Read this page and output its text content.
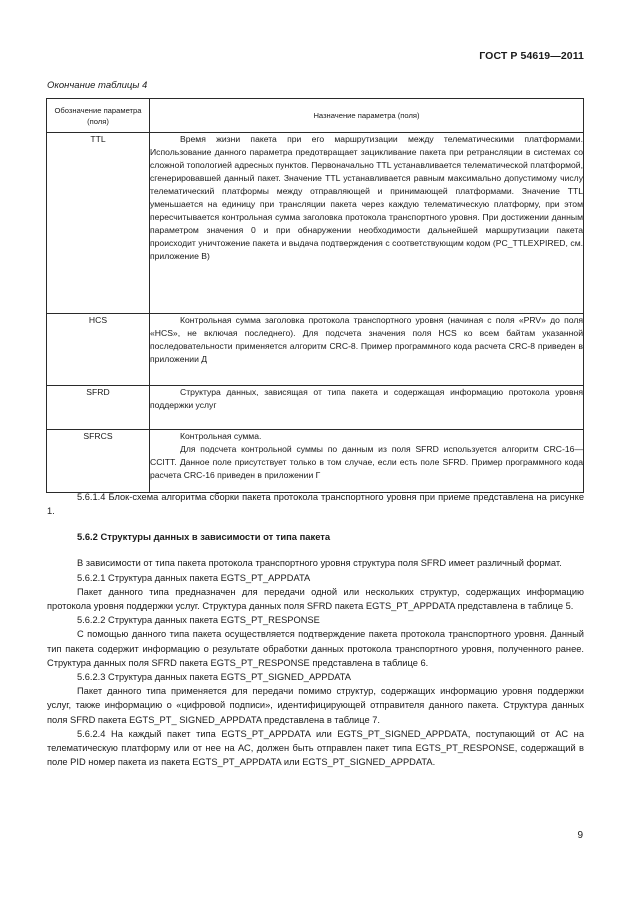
ГОСТ Р 54619—2011
Окончание таблицы 4
Обозначение параметра (поля)	Назначение параметра (поля)
TTL	Время жизни пакета при его маршрутизации между телематическими платформами. Использование данного параметра предотвращает зацикливание пакета при ретрансляции в системах со сложной топологией адресных пунктов. Первоначально TTL устанавливается телематической платформой, сгенерировавшей данный пакет. Значение TTL устанавливается равным максимально допустимому числу телематический платформы между отправляющей и принимающей платформами. Значение TTL уменьшается на единицу при трансляции пакета через каждую телематическую платформу, при этом пересчитывается контрольная сумма заголовка протокола транспортного уровня. При достижении данным параметром значения 0 и при обнаружении необходимости дальнейшей маршрутизации пакета происходит уничтожение пакета и выдача подтверждения с соответствующим кодом (PC_TTLEXPIRED, см. приложение В)

HCS	Контрольная сумма заголовка протокола транспортного уровня (начиная с поля «PRV» до поля «HCS», не включая последнего). Для подсчета значения поля HCS ко всем байтам указанной последовательности применяется алгоритм CRC-8. Пример программного кода расчета CRC-8 приведен в приложении Д

SFRD	Структура данных, зависящая от типа пакета и содержащая информацию протокола уровня поддержки услуг

SFRCS	Контрольная сумма.

Для подсчета контрольной суммы по данным из поля SFRD используется алгоритм CRC-16—CCITT. Данное поле присутствует только в том случае, если есть поле SFRD. Пример программного кода расчета CRC-16 приведен в приложении Г

5.6.1.4 Блок-схема алгоритма сборки пакета протокола транспортного уровня при приеме представлена на рисунке 1.

5.6.2 Структуры данных в зависимости от типа пакета

В зависимости от типа пакета протокола транспортного уровня структура поля SFRD имеет различный формат.

5.6.2.1 Структура данных пакета EGTS_PT_APPDATA

Пакет данного типа предназначен для передачи одной или нескольких структур, содержащих информацию протокола уровня поддержки услуг. Структура данных поля SFRD пакета EGTS_PT_APPDATA представлена в таблице 5.

5.6.2.2 Структура данных пакета EGTS_PT_RESPONSE

С помощью данного типа пакета осуществляется подтверждение пакета протокола транспортного уровня. Данный тип пакета содержит информацию о результате обработки данных протокола транспортного уровня, полученного ранее. Структура данных поля SFRD пакета EGTS_PT_RESPONSE представлена в таблице 6.

5.6.2.3 Структура данных пакета EGTS_PT_SIGNED_APPDATA

Пакет данного типа применяется для передачи помимо структур, содержащих информацию уровня поддержки услуг, также информацию о «цифровой подписи», идентифицирующей отправителя данного пакета. Структура данных поля SFRD пакета EGTS_PT_ SIGNED_APPDATA представлена в таблице 7.

5.6.2.4 На каждый пакет типа EGTS_PT_APPDATA или EGTS_PT_SIGNED_APPDATA, поступающий от АС на телематическую платформу или от нее на АС, должен быть отправлен пакет типа EGTS_PT_RESPONSE, содержащий в поле PID номер пакета из пакета EGTS_PT_APPDATA или EGTS_PT_SIGNED_APPDATA.

9
